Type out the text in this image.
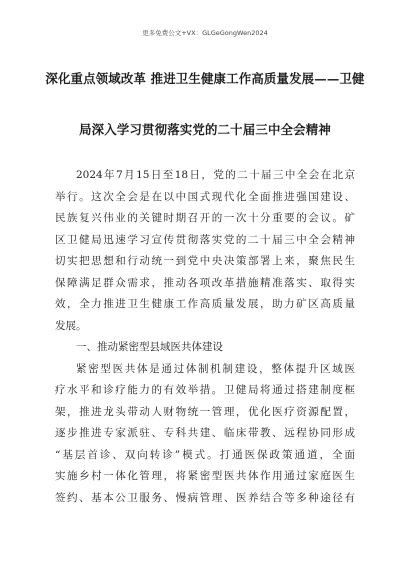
更多免费公文+VX：GLGeGongWen2024
深化重点领域改革 推进卫生健康工作高质量发展——卫健
局深入学习贯彻落实党的二十届三中全会精神
2024年7月15日至18日，党的二十届三中全会在北京
举行。这次全会是在以中国式现代化全面推进强国建设、
民族复兴伟业的关键时期召开的一次十分重要的会议。矿
区卫健局迅速学习宣传贯彻落实党的二十届三中全会精神
切实把思想和行动统一到党中央决策部署上来，聚焦民生
保障满足群众需求，推动各项改革措施精准落实、取得实
效，全力推进卫生健康工作高质量发展，助力矿区高质量
发展。
一、推动紧密型县域医共体建设
紧密型医共体是通过体制机制建设，整体提升区域医
疗水平和诊疗能力的有效举措。卫健局将通过搭建制度框
架，推进龙头带动人财物统一管理，优化医疗资源配置，
逐步推进专家派驻、专科共建、临床带教、远程协同形成
“基层首诊、双向转诊”模式。打通医保政策通道，全面
实施乡村一体化管理，将紧密型医共体作用通过家庭医生
签约、基本公卫服务、慢病管理、医养结合等多种途径有
